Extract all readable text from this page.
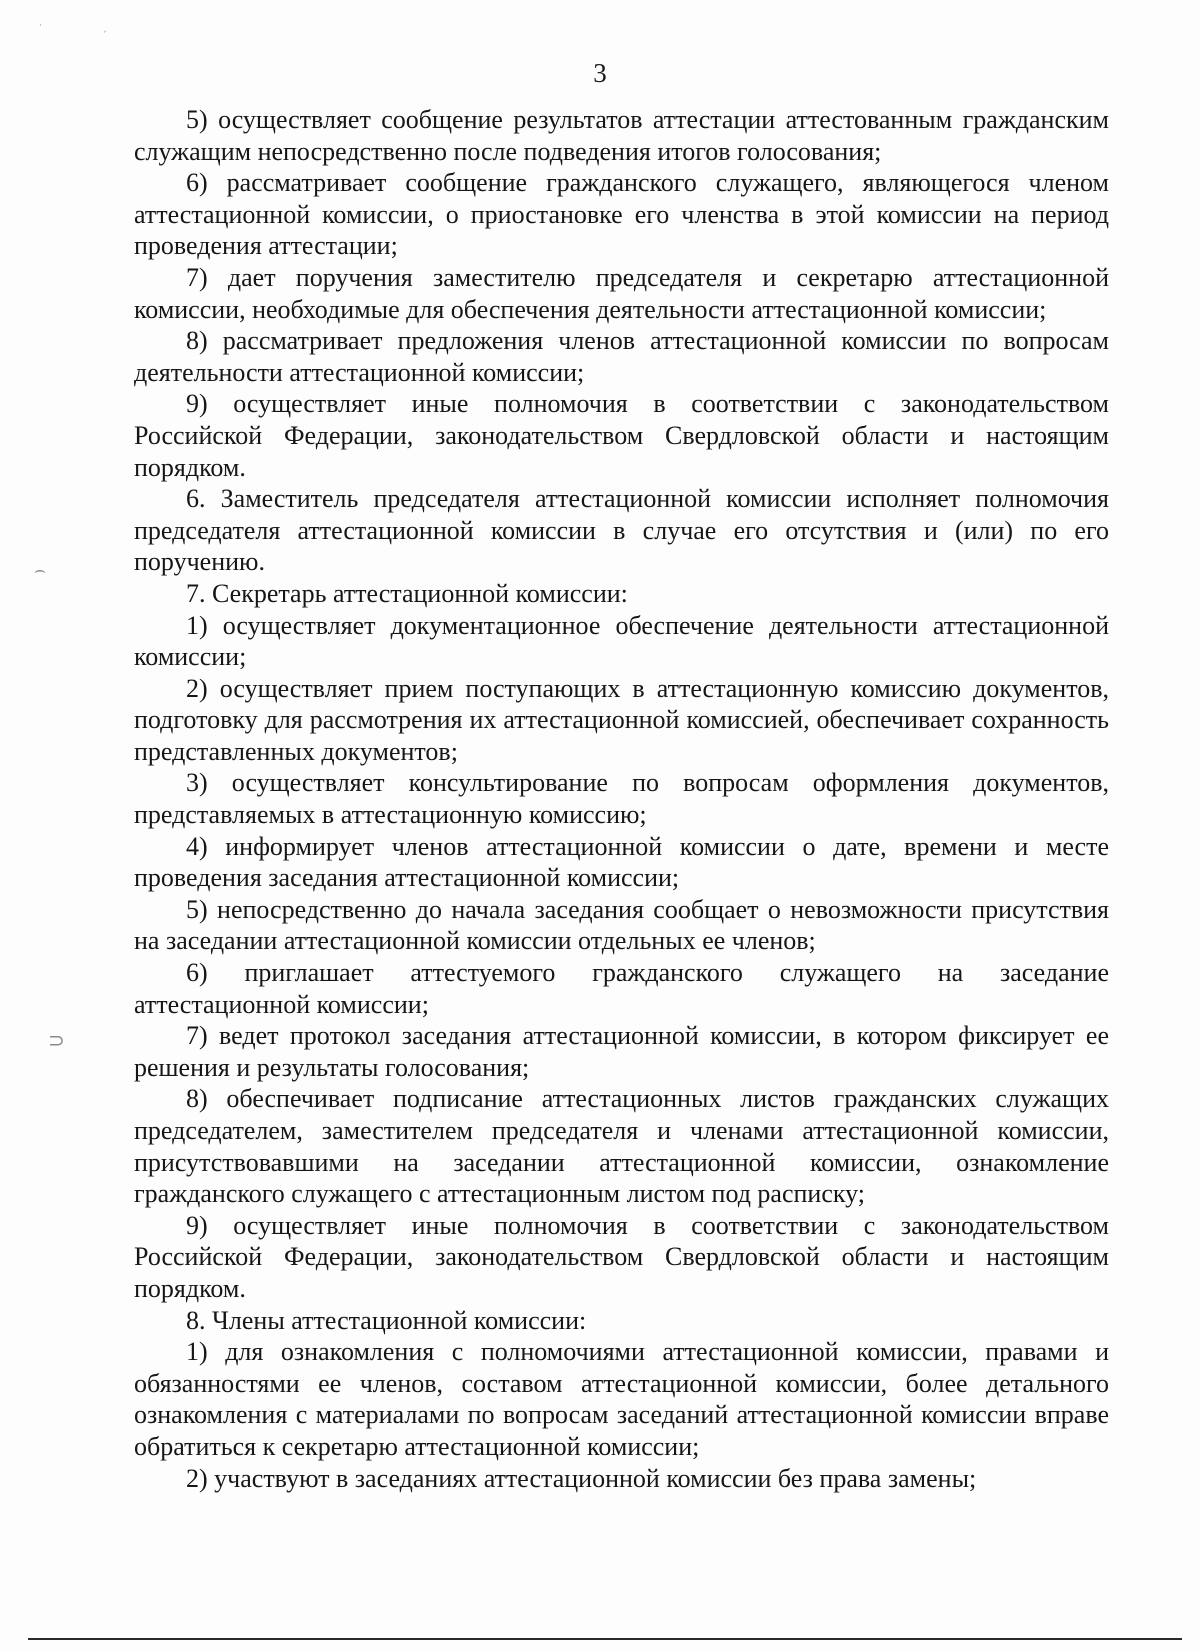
˙	ˏ
⌢
⊃
3

5) осуществляет сообщение результатов аттестации аттестованным гражданским служащим непосредственно после подведения итогов голосования;

6) рассматривает сообщение гражданского служащего, являющегося членом аттестационной комиссии, о приостановке его членства в этой комиссии на период проведения аттестации;

7) дает поручения заместителю председателя и секретарю аттестационной комиссии, необходимые для обеспечения деятельности аттестационной комиссии;

8) рассматривает предложения членов аттестационной комиссии по вопросам деятельности аттестационной комиссии;

9) осуществляет иные полномочия в соответствии с законодательством Российской Федерации, законодательством Свердловской области и настоящим порядком.

6. Заместитель председателя аттестационной комиссии исполняет полномочия председателя аттестационной комиссии в случае его отсутствия и (или) по его поручению.

7. Секретарь аттестационной комиссии:

1) осуществляет документационное обеспечение деятельности аттестационной комиссии;

2) осуществляет прием поступающих в аттестационную комиссию документов, подготовку для рассмотрения их аттестационной комиссией, обеспечивает сохранность представленных документов;

3) осуществляет консультирование по вопросам оформления документов, представляемых в аттестационную комиссию;

4) информирует членов аттестационной комиссии о дате, времени и месте проведения заседания аттестационной комиссии;

5) непосредственно до начала заседания сообщает о невозможности присутствия на заседании аттестационной комиссии отдельных ее членов;

6) приглашает аттестуемого гражданского служащего на заседание аттестационной комиссии;

7) ведет протокол заседания аттестационной комиссии, в котором фиксирует ее решения и результаты голосования;

8) обеспечивает подписание аттестационных листов гражданских служащих председателем, заместителем председателя и членами аттестационной комиссии, присутствовавшими на заседании аттестационной комиссии, ознакомление гражданского служащего с аттестационным листом под расписку;

9) осуществляет иные полномочия в соответствии с законодательством Российской Федерации, законодательством Свердловской области и настоящим порядком.

8. Члены аттестационной комиссии:

1) для ознакомления с полномочиями аттестационной комиссии, правами и обязанностями ее членов, составом аттестационной комиссии, более детального ознакомления с материалами по вопросам заседаний аттестационной комиссии вправе обратиться к секретарю аттестационной комиссии;

2) участвуют в заседаниях аттестационной комиссии без права замены;
